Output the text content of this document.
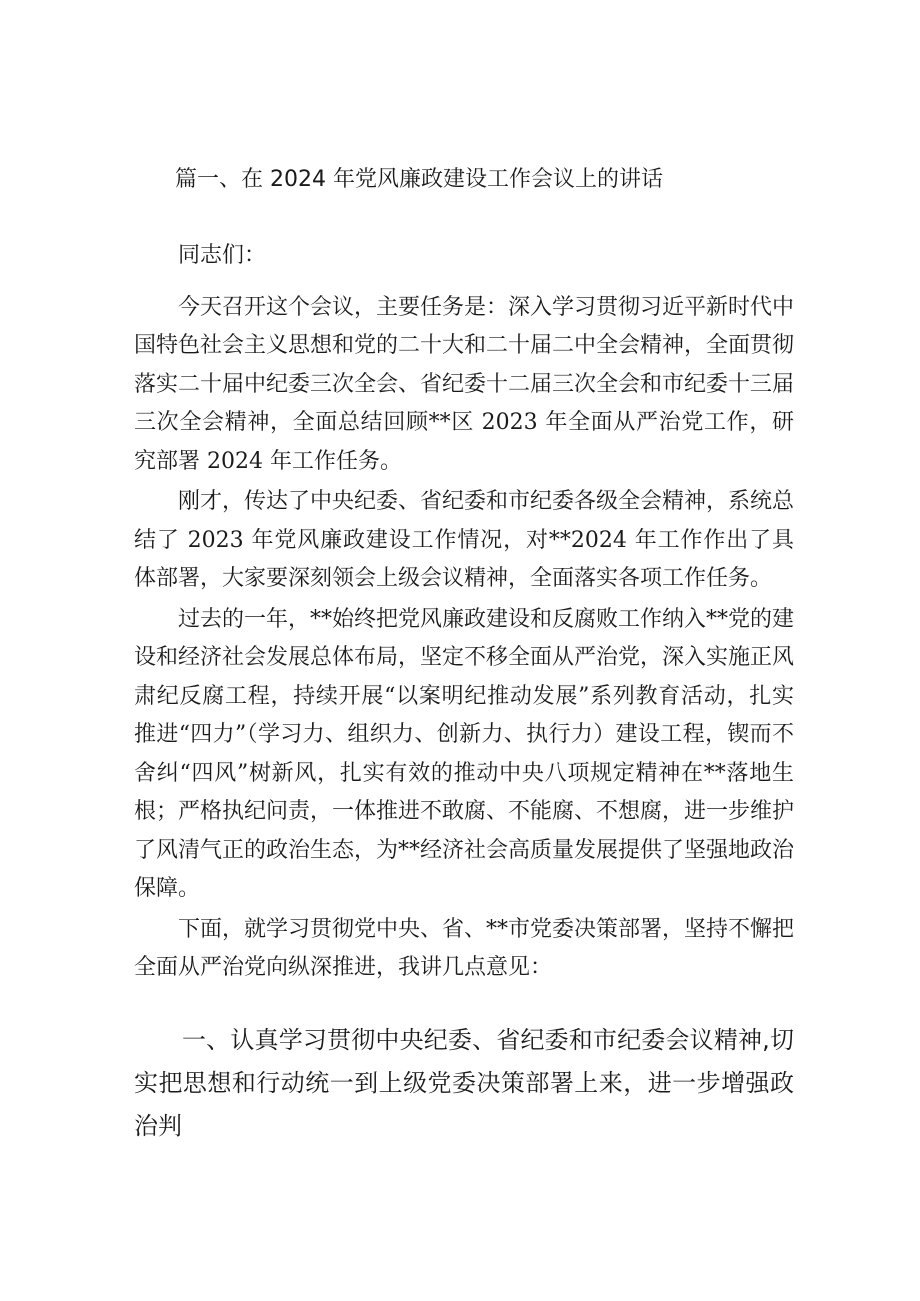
篇一、在 2024 年党风廉政建设工作会议上的讲话

同志们：

今天召开这个会议，主要任务是：深入学习贯彻习近平新时代中国特色社会主义思想和党的二十大和二十届二中全会精神，全面贯彻落实二十届中纪委三次全会、省纪委十二届三次全会和市纪委十三届三次全会精神，全面总结回顾**区 2023 年全面从严治党工作，研究部署 2024 年工作任务。

刚才，传达了中央纪委、省纪委和市纪委各级全会精神，系统总结了 2023 年党风廉政建设工作情况，对**2024 年工作作出了具体部署，大家要深刻领会上级会议精神，全面落实各项工作任务。

过去的一年，**始终把党风廉政建设和反腐败工作纳入**党的建设和经济社会发展总体布局，坚定不移全面从严治党，深入实施正风肃纪反腐工程，持续开展“以案明纪推动发展”系列教育活动，扎实推进“四力”（学习力、组织力、创新力、执行力）建设工程，锲而不舍纠“四风”树新风，扎实有效的推动中央八项规定精神在**落地生根；严格执纪问责，一体推进不敢腐、不能腐、不想腐，进一步维护了风清气正的政治生态，为**经济社会高质量发展提供了坚强地政治保障。

下面，就学习贯彻党中央、省、**市党委决策部署，坚持不懈把全面从严治党向纵深推进，我讲几点意见：

一、认真学习贯彻中央纪委、省纪委和市纪委会议精神,切实把思想和行动统一到上级党委决策部署上来，进一步增强政治判
